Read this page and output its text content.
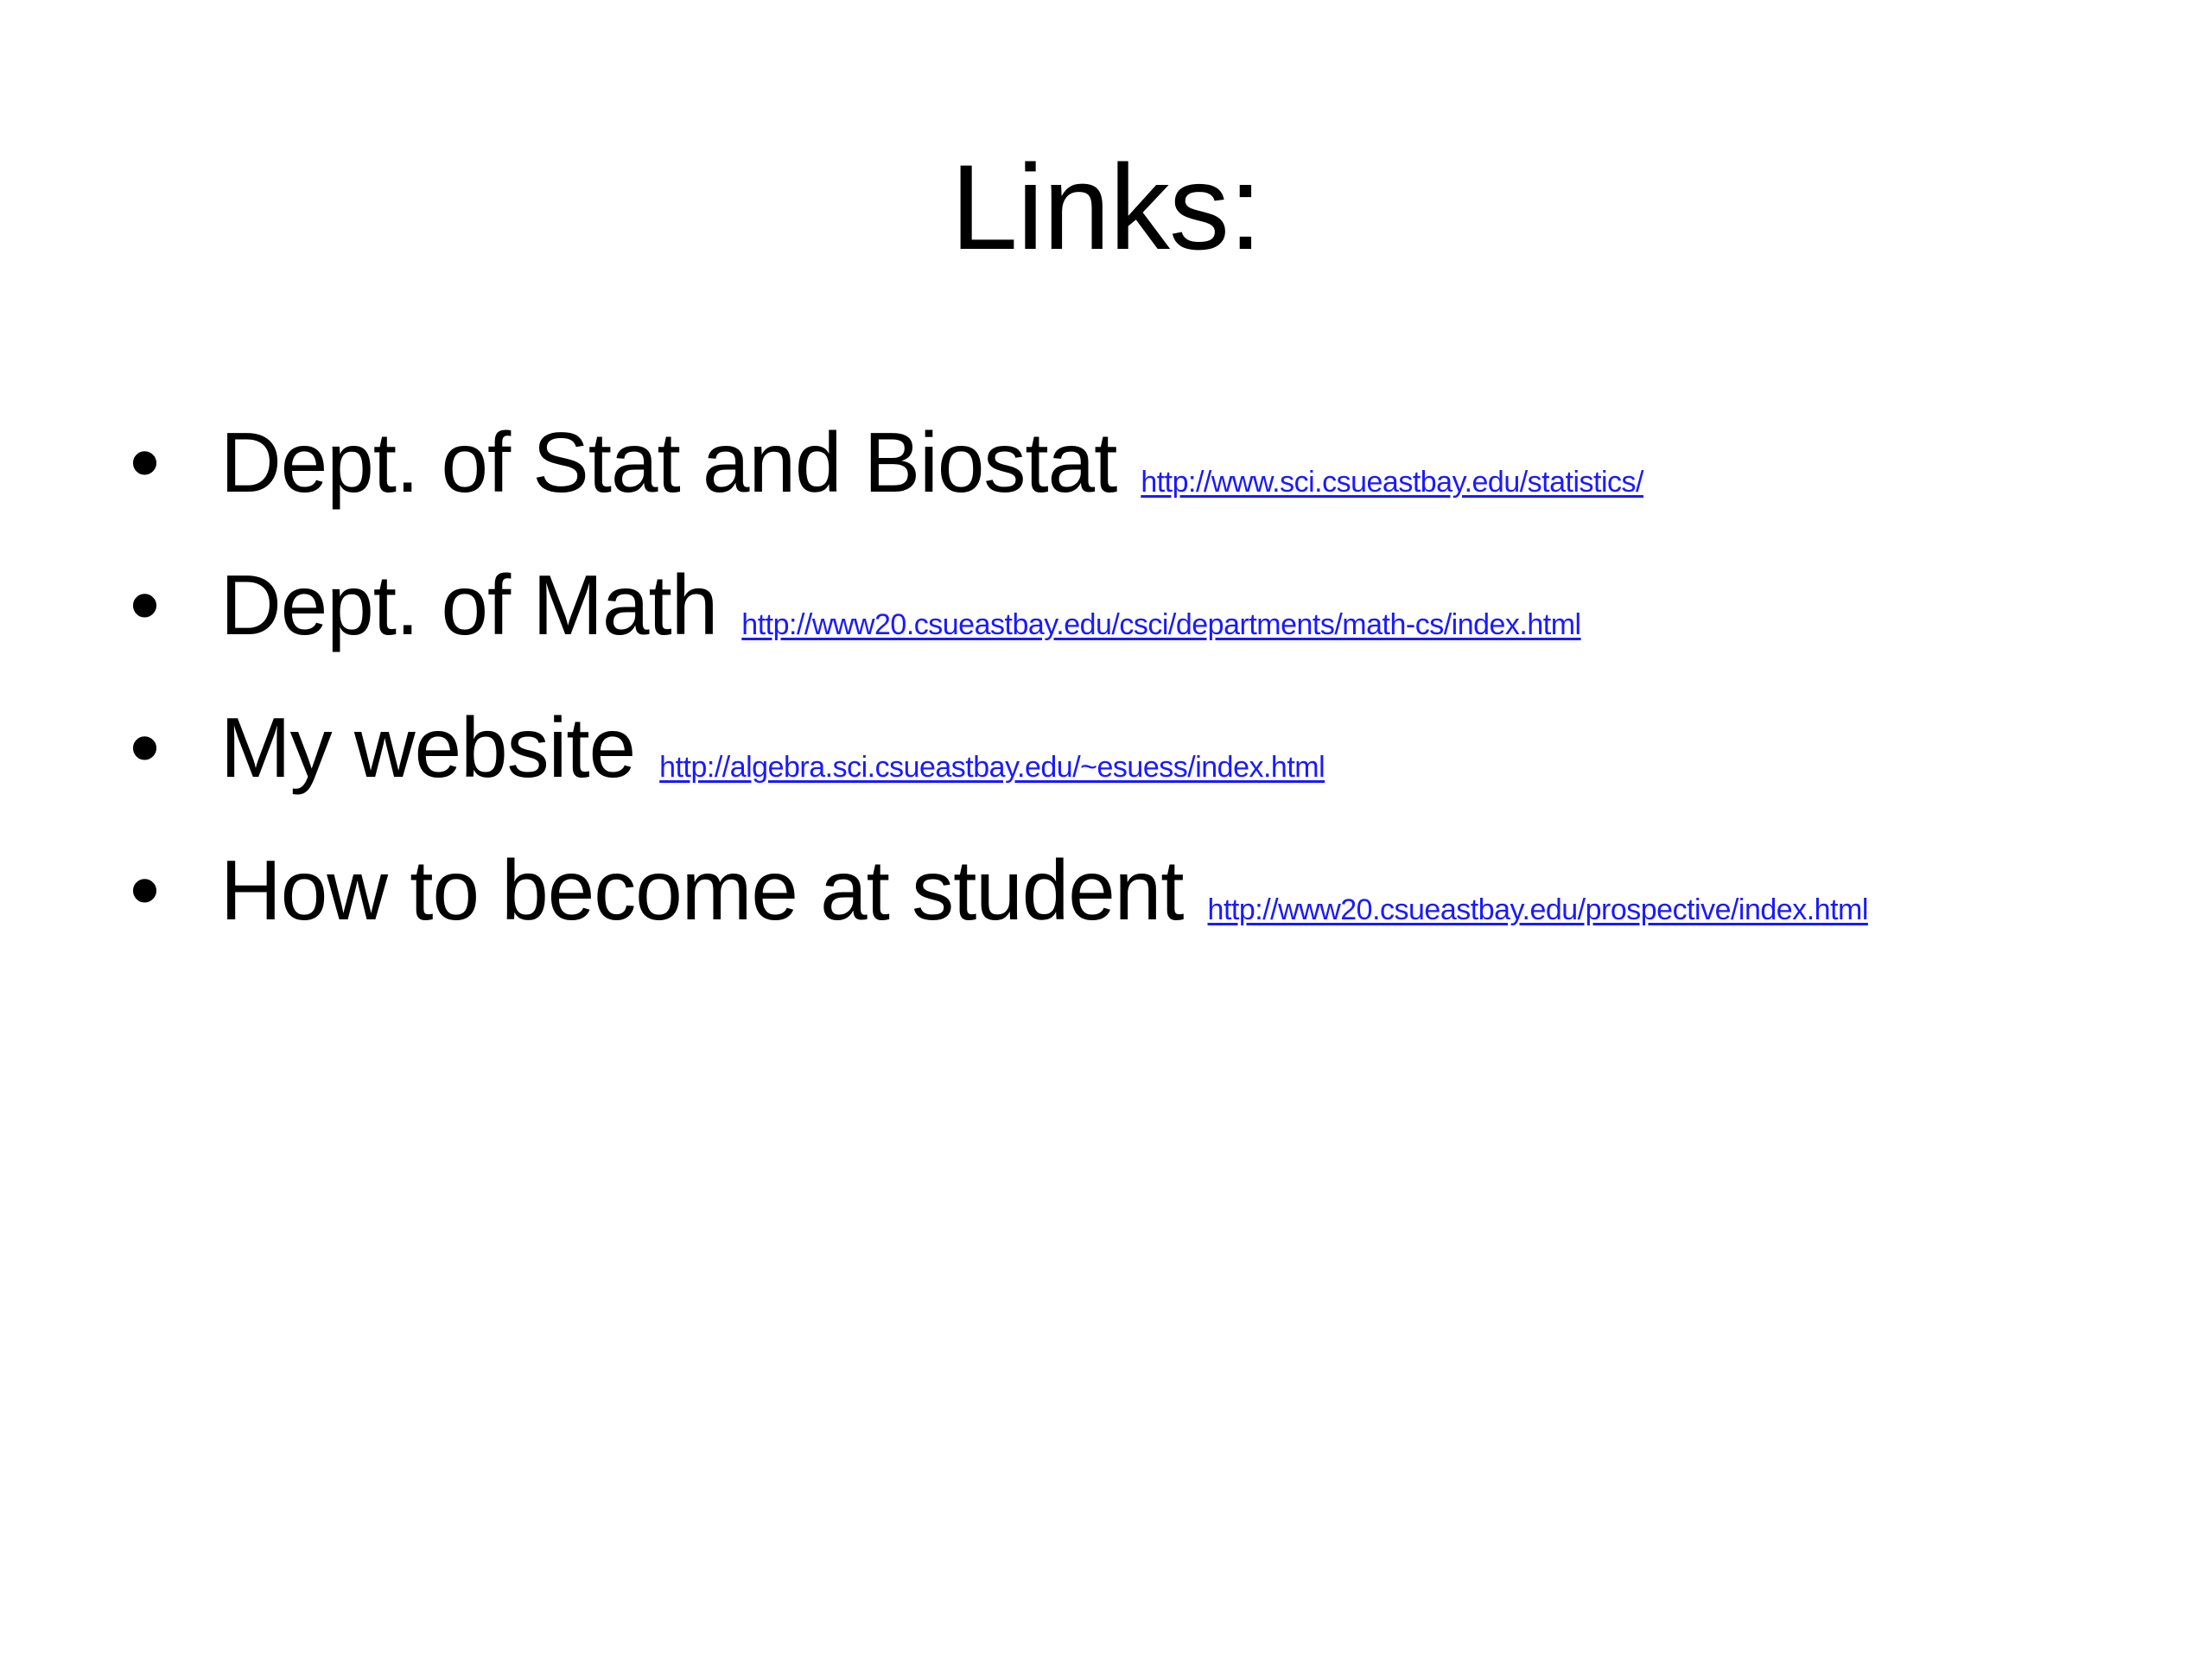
Links:
• Dept. of Stat and Biostat http://www.sci.csueastbay.edu/statistics/
• Dept. of Math http://www20.csueastbay.edu/csci/departments/math-cs/index.html
• My website http://algebra.sci.csueastbay.edu/~esuess/index.html
• How to become at student http://www20.csueastbay.edu/prospective/index.html
